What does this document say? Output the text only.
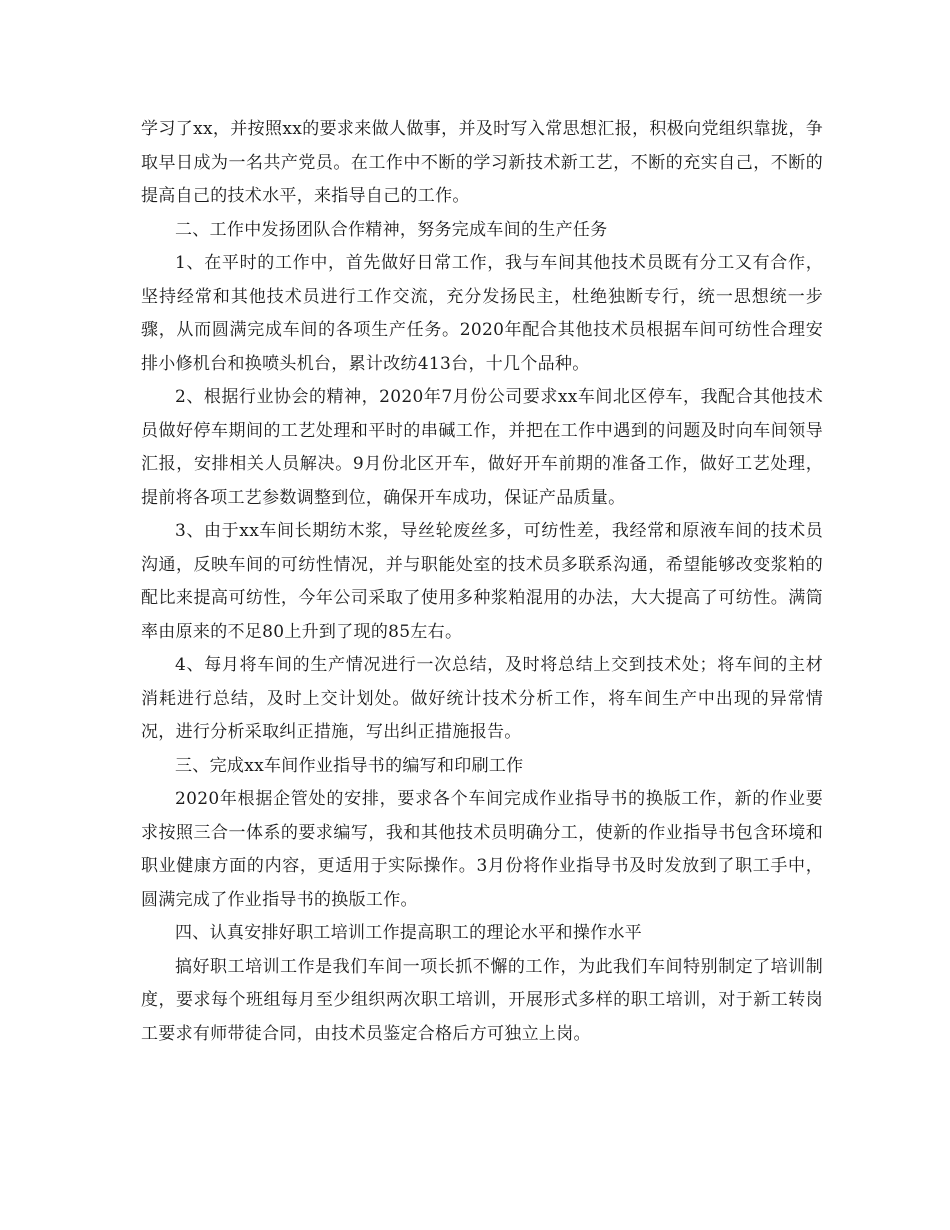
学习了xx，并按照xx的要求来做人做事，并及时写入常思想汇报，积极向党组织靠拢，争取早日成为一名共产党员。在工作中不断的学习新技术新工艺，不断的充实自己，不断的提高自己的技术水平，来指导自己的工作。

二、工作中发扬团队合作精神，努务完成车间的生产任务

1、在平时的工作中，首先做好日常工作，我与车间其他技术员既有分工又有合作，坚持经常和其他技术员进行工作交流，充分发扬民主，杜绝独断专行，统一思想统一步骤，从而圆满完成车间的各项生产任务。2020年配合其他技术员根据车间可纺性合理安排小修机台和换喷头机台，累计改纺413台，十几个品种。

2、根据行业协会的精神，2020年7月份公司要求xx车间北区停车，我配合其他技术员做好停车期间的工艺处理和平时的串碱工作，并把在工作中遇到的问题及时向车间领导汇报，安排相关人员解决。9月份北区开车，做好开车前期的准备工作，做好工艺处理，提前将各项工艺参数调整到位，确保开车成功，保证产品质量。

3、由于xx车间长期纺木浆，导丝轮废丝多，可纺性差，我经常和原液车间的技术员沟通，反映车间的可纺性情况，并与职能处室的技术员多联系沟通，希望能够改变浆粕的配比来提高可纺性，今年公司采取了使用多种浆粕混用的办法，大大提高了可纺性。满筒率由原来的不足80上升到了现的85左右。

4、每月将车间的生产情况进行一次总结，及时将总结上交到技术处；将车间的主材消耗进行总结，及时上交计划处。做好统计技术分析工作，将车间生产中出现的异常情况，进行分析采取纠正措施，写出纠正措施报告。

三、完成xx车间作业指导书的编写和印刷工作

2020年根据企管处的安排，要求各个车间完成作业指导书的换版工作，新的作业要求按照三合一体系的要求编写，我和其他技术员明确分工，使新的作业指导书包含环境和职业健康方面的内容，更适用于实际操作。3月份将作业指导书及时发放到了职工手中，圆满完成了作业指导书的换版工作。

四、认真安排好职工培训工作提高职工的理论水平和操作水平

搞好职工培训工作是我们车间一项长抓不懈的工作，为此我们车间特别制定了培训制度，要求每个班组每月至少组织两次职工培训，开展形式多样的职工培训，对于新工转岗工要求有师带徒合同，由技术员鉴定合格后方可独立上岗。
